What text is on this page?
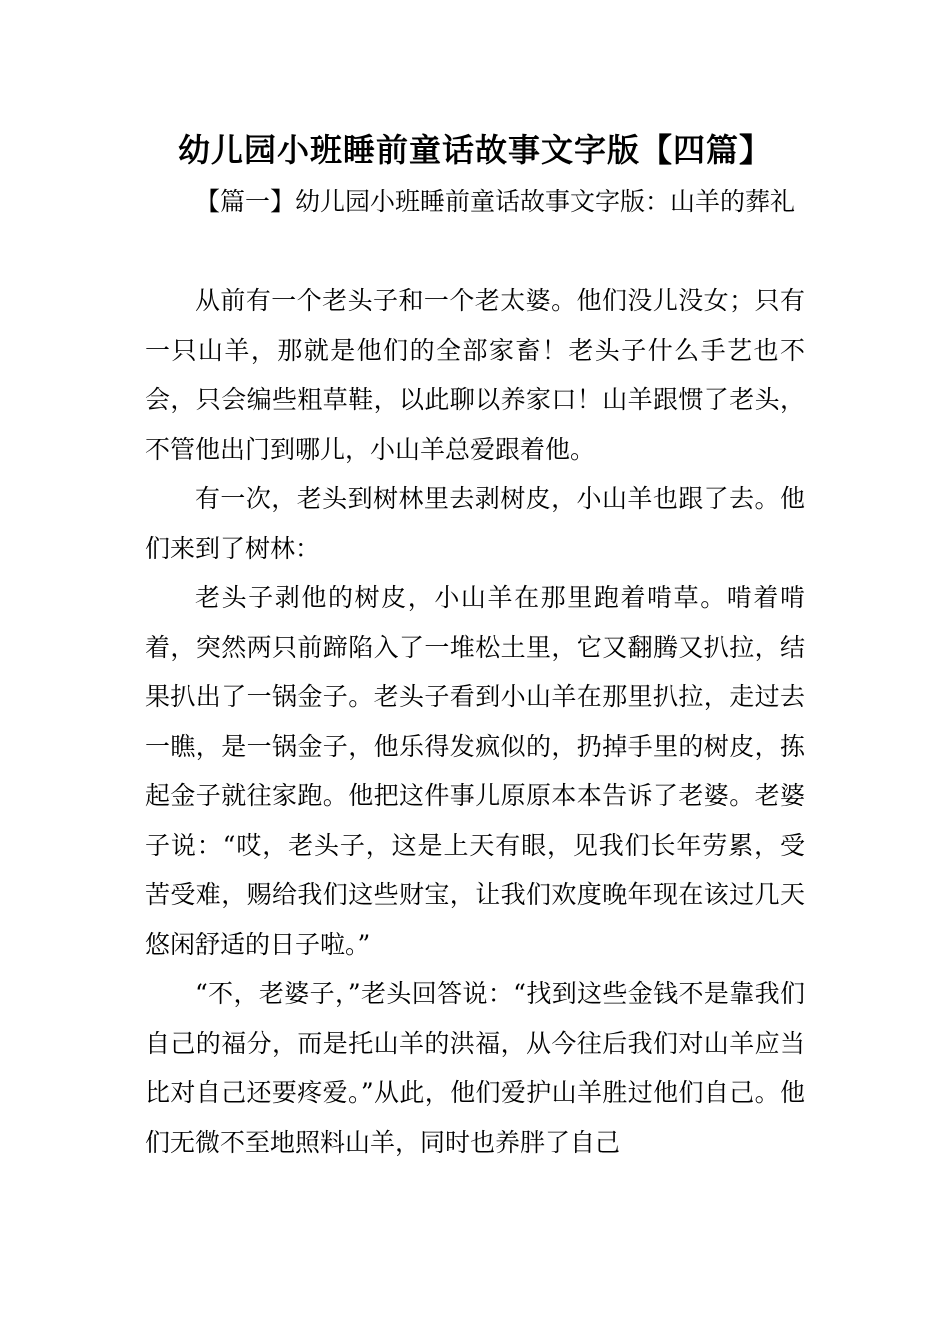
幼儿园小班睡前童话故事文字版【四篇】

【篇一】幼儿园小班睡前童话故事文字版：山羊的葬礼

从前有一个老头子和一个老太婆。他们没儿没女；只有一只山羊，那就是他们的全部家畜！老头子什么手艺也不会，只会编些粗草鞋，以此聊以养家口！山羊跟惯了老头，不管他出门到哪儿，小山羊总爱跟着他。

有一次，老头到树林里去剥树皮，小山羊也跟了去。他们来到了树林：

老头子剥他的树皮，小山羊在那里跑着啃草。啃着啃着，突然两只前蹄陷入了一堆松土里，它又翻腾又扒拉，结果扒出了一锅金子。老头子看到小山羊在那里扒拉，走过去一瞧，是一锅金子，他乐得发疯似的，扔掉手里的树皮，拣起金子就往家跑。他把这件事儿原原本本告诉了老婆。老婆子说：“哎，老头子，这是上天有眼，见我们长年劳累，受苦受难，赐给我们这些财宝，让我们欢度晚年现在该过几天悠闲舒适的日子啦。”

“不，老婆子，”老头回答说：“找到这些金钱不是靠我们自己的福分，而是托山羊的洪福，从今往后我们对山羊应当比对自己还要疼爱。”从此，他们爱护山羊胜过他们自己。他们无微不至地照料山羊，同时也养胖了自己
